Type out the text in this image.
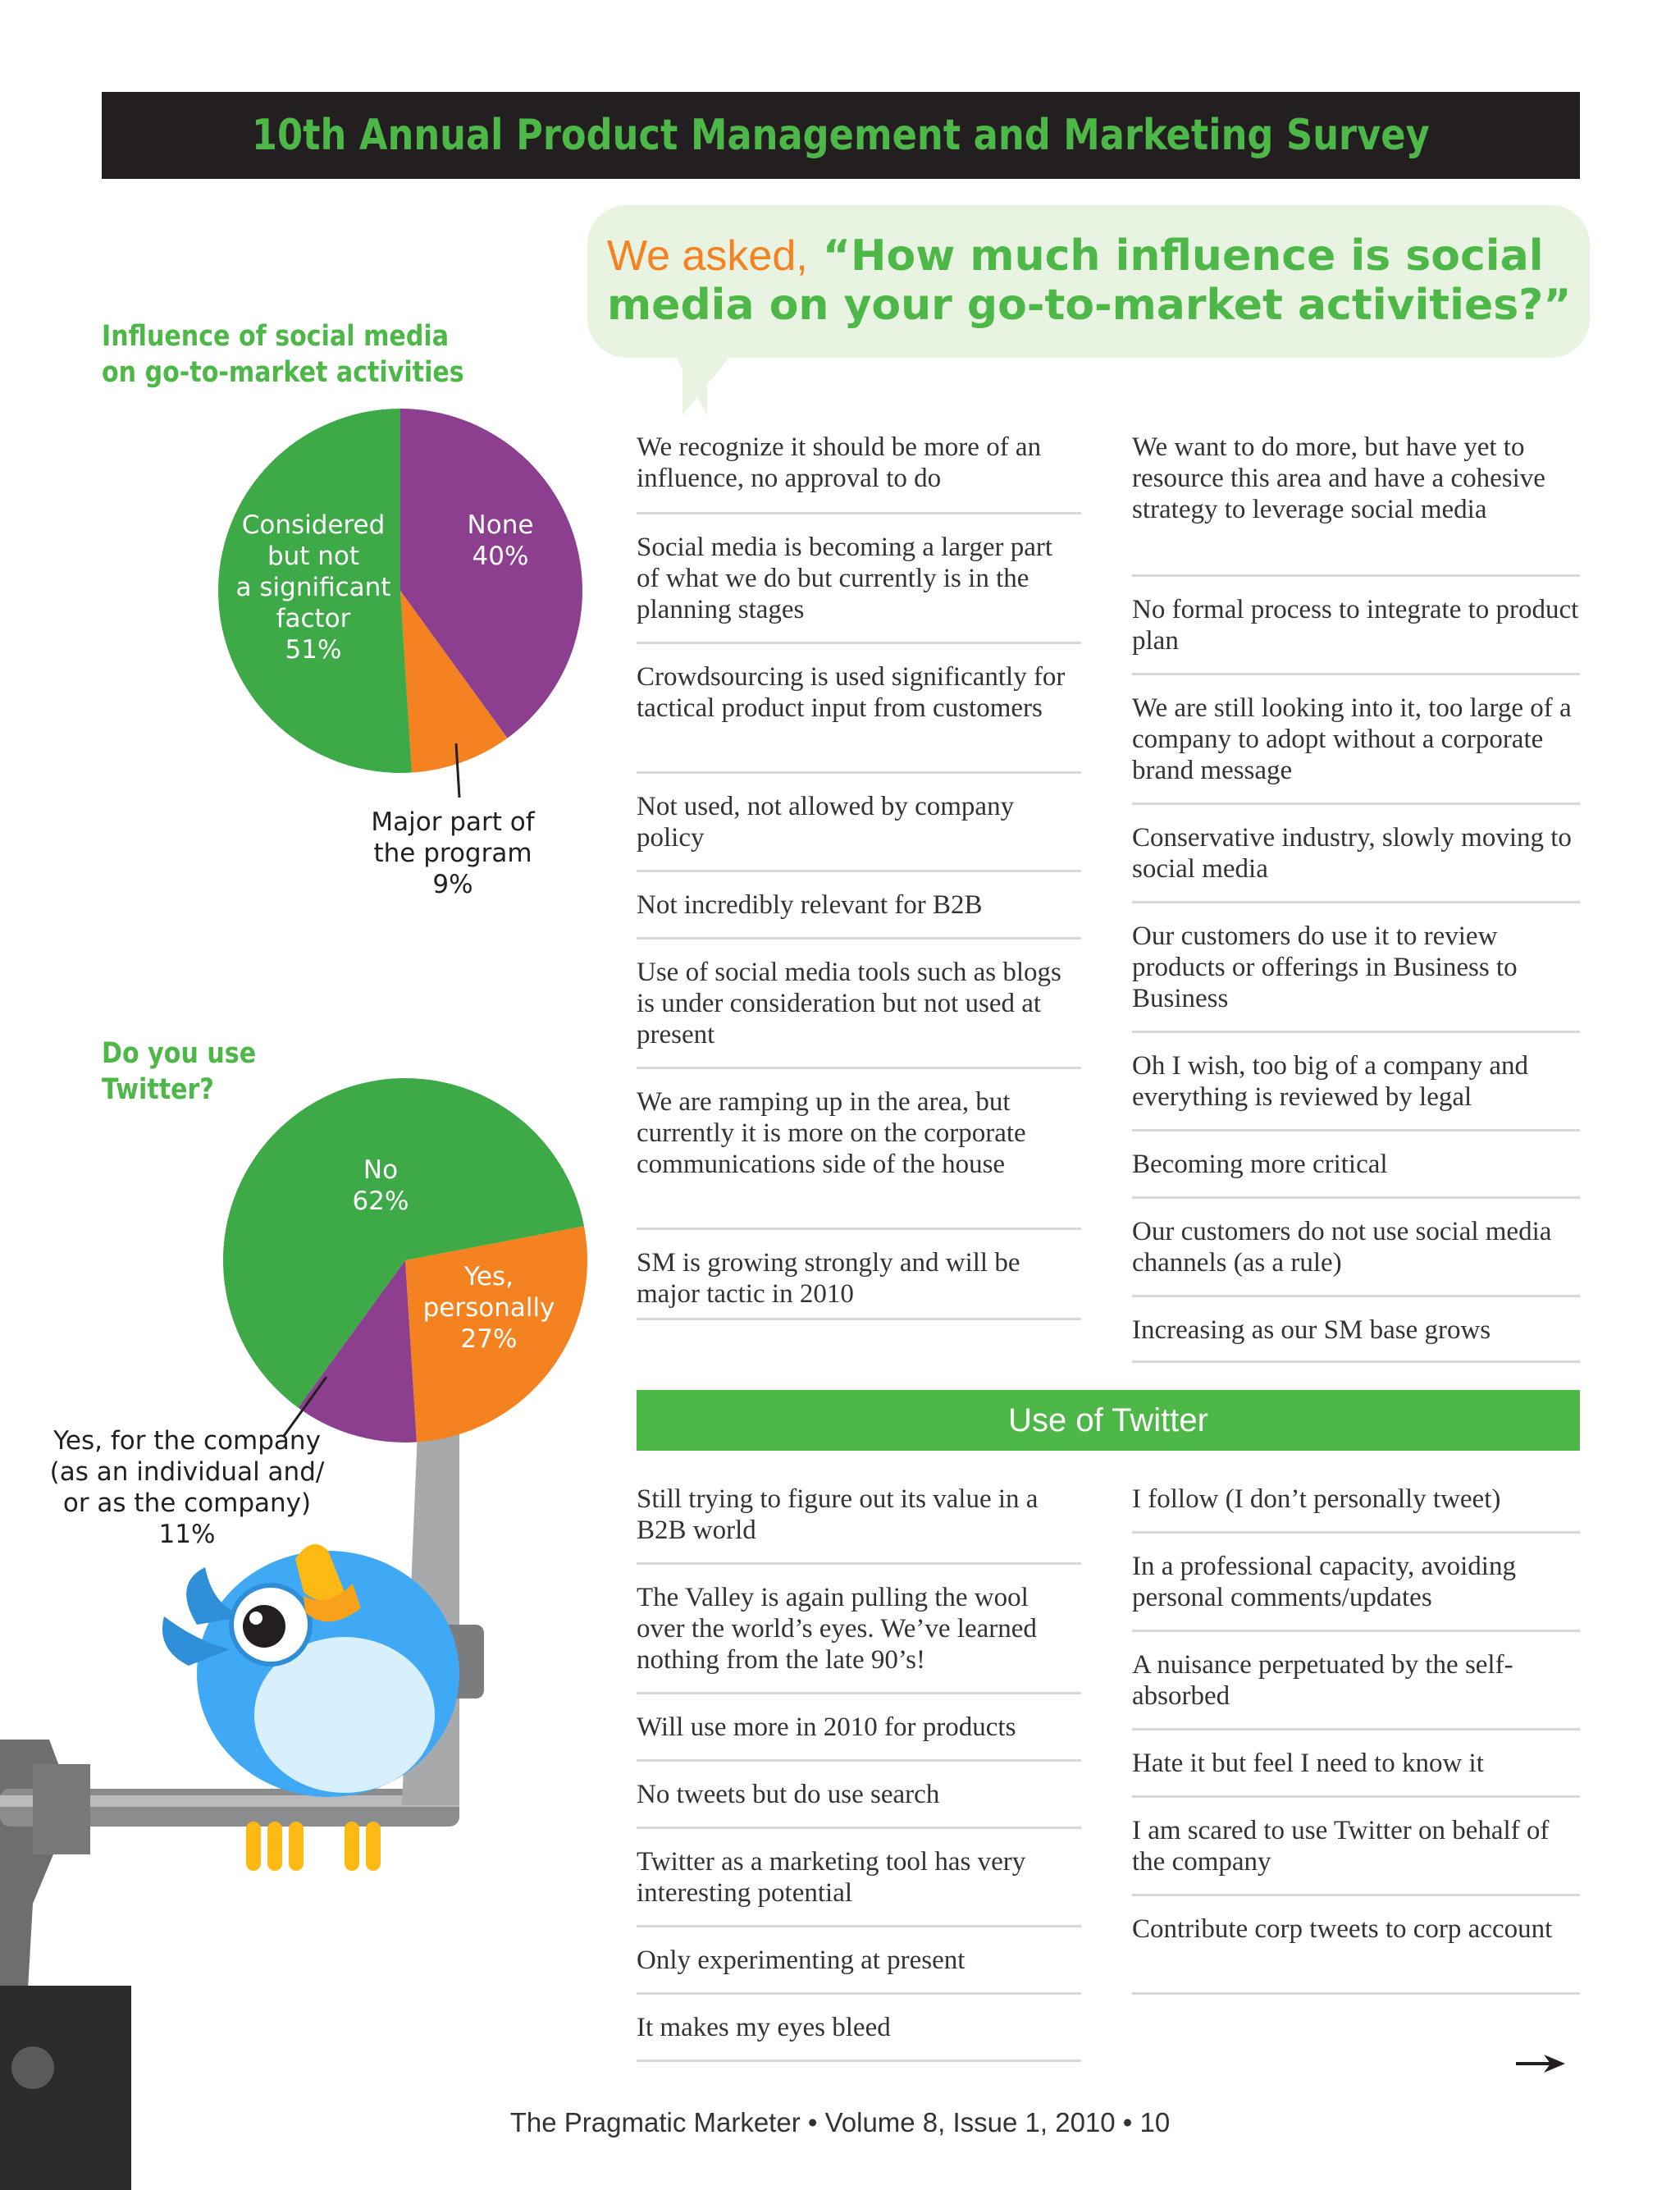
10th Annual Product Management and Marketing Survey
We asked, “How much influence is social media on your go-to-market activities?”
Influence of social media
on go-to-market activities
Do you use
Twitter?
None 40%
Major part of the program 9%
Considered but not a significant factor 51%
No 62%
Yes, personally 27%
Yes, for the company (as an individual and/ or as the company) 11%
We recognize it should be more of an influence, no approval to do
Social media is becoming a larger part of what we do but currently is in the planning stages
Crowdsourcing is used significantly for tactical product input from customers
Not used, not allowed by company policy
Not incredibly relevant for B2B
Use of social media tools such as blogs is under consideration but not used at present
We are ramping up in the area, but currently it is more on the corporate communications side of the house
SM is growing strongly and will be major tactic in 2010
We want to do more, but have yet to resource this area and have a cohesive strategy to leverage social media
No formal process to integrate to product plan
We are still looking into it, too large of a company to adopt without a corporate brand message
Conservative industry, slowly moving to social media
Our customers do use it to review products or offerings in Business to Business
Oh I wish, too big of a company and everything is reviewed by legal
Becoming more critical
Our customers do not use social media channels (as a rule)
Increasing as our SM base grows
Use of Twitter
Still trying to figure out its value in a B2B world
The Valley is again pulling the wool over the world’s eyes. We’ve learned nothing from the late 90’s!
Will use more in 2010 for products
No tweets but do use search
Twitter as a marketing tool has very interesting potential
Only experimenting at present
It makes my eyes bleed
I follow (I don’t personally tweet)
In a professional capacity, avoiding personal comments/updates
A nuisance perpetuated by the self-absorbed
Hate it but feel I need to know it
I am scared to use Twitter on behalf of the company
Contribute corp tweets to corp account
The Pragmatic Marketer • Volume 8, Issue 1, 2010 • 10
